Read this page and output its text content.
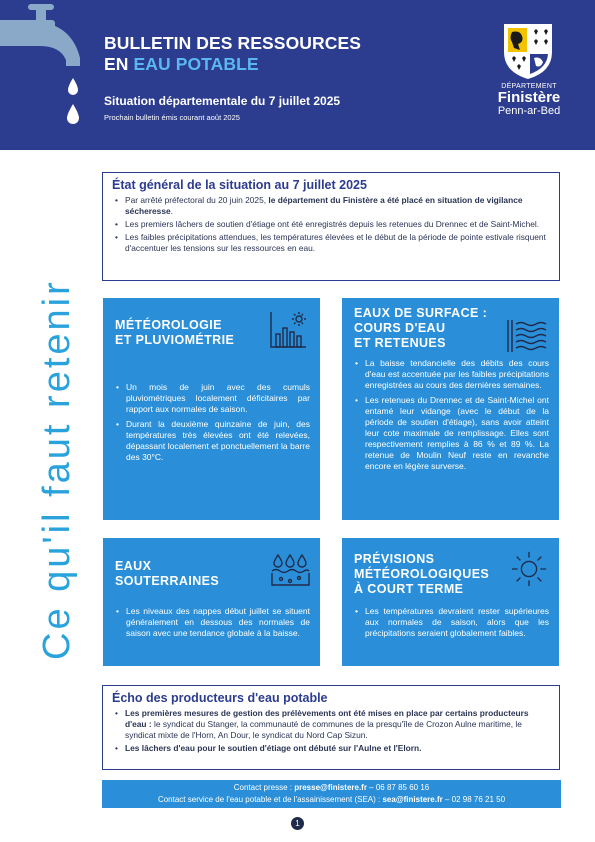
BULLETIN DES RESSOURCES
EN EAU POTABLE
Situation départementale du 7 juillet 2025
Prochain bulletin émis courant août 2025
DÉPARTEMENT
Finistère
Penn-ar-Bed
Ce qu'il faut retenir
État général de la situation au 7 juillet 2025
• Par arrêté préfectoral du 20 juin 2025, le département du Finistère a été placé en situation de vigilance sécheresse.
• Les premiers lâchers de soutien d'étiage ont été enregistrés depuis les retenues du Drennec et de Saint-Michel.
• Les faibles précipitations attendues, les températures élevées et le début de la période de pointe estivale risquent d'accentuer les tensions sur les ressources en eau.
MÉTÉOROLOGIE
ET PLUVIOMÉTRIE
• Un mois de juin avec des cumuls pluviométriques localement déficitaires par rapport aux normales de saison.
• Durant la deuxième quinzaine de juin, des températures très élevées ont été relevées, dépassant localement et ponctuellement la barre des 30°C.
EAUX DE SURFACE :
COURS D'EAU
ET RETENUES
• La baisse tendancielle des débits des cours d'eau est accentuée par les faibles précipitations enregistrées au cours des dernières semaines.
• Les retenues du Drennec et de Saint-Michel ont entamé leur vidange (avec le début de la période de soutien d'étiage), sans avoir atteint leur cote maximale de remplissage. Elles sont respectivement remplies à 86 % et 89 %. La retenue de Moulin Neuf reste en revanche encore en légère surverse.
EAUX
SOUTERRAINES
• Les niveaux des nappes début juillet se situent généralement en dessous des normales de saison avec une tendance globale à la baisse.
PRÉVISIONS
MÉTÉOROLOGIQUES
À COURT TERME
• Les températures devraient rester supérieures aux normales de saison, alors que les précipitations seraient globalement faibles.
Écho des producteurs d'eau potable
• Les premières mesures de gestion des prélèvements ont été mises en place par certains producteurs d'eau : le syndicat du Stanger, la communauté de communes de la presqu'île de Crozon Aulne maritime, le syndicat mixte de l'Horn, An Dour, le syndicat du Nord Cap Sizun.
• Les lâchers d'eau pour le soutien d'étiage ont débuté sur l'Aulne et l'Elorn.
Contact presse : presse@finistere.fr – 06 87 85 60 16
Contact service de l'eau potable et de l'assainissement (SEA) : sea@finistere.fr – 02 98 76 21 50
1
